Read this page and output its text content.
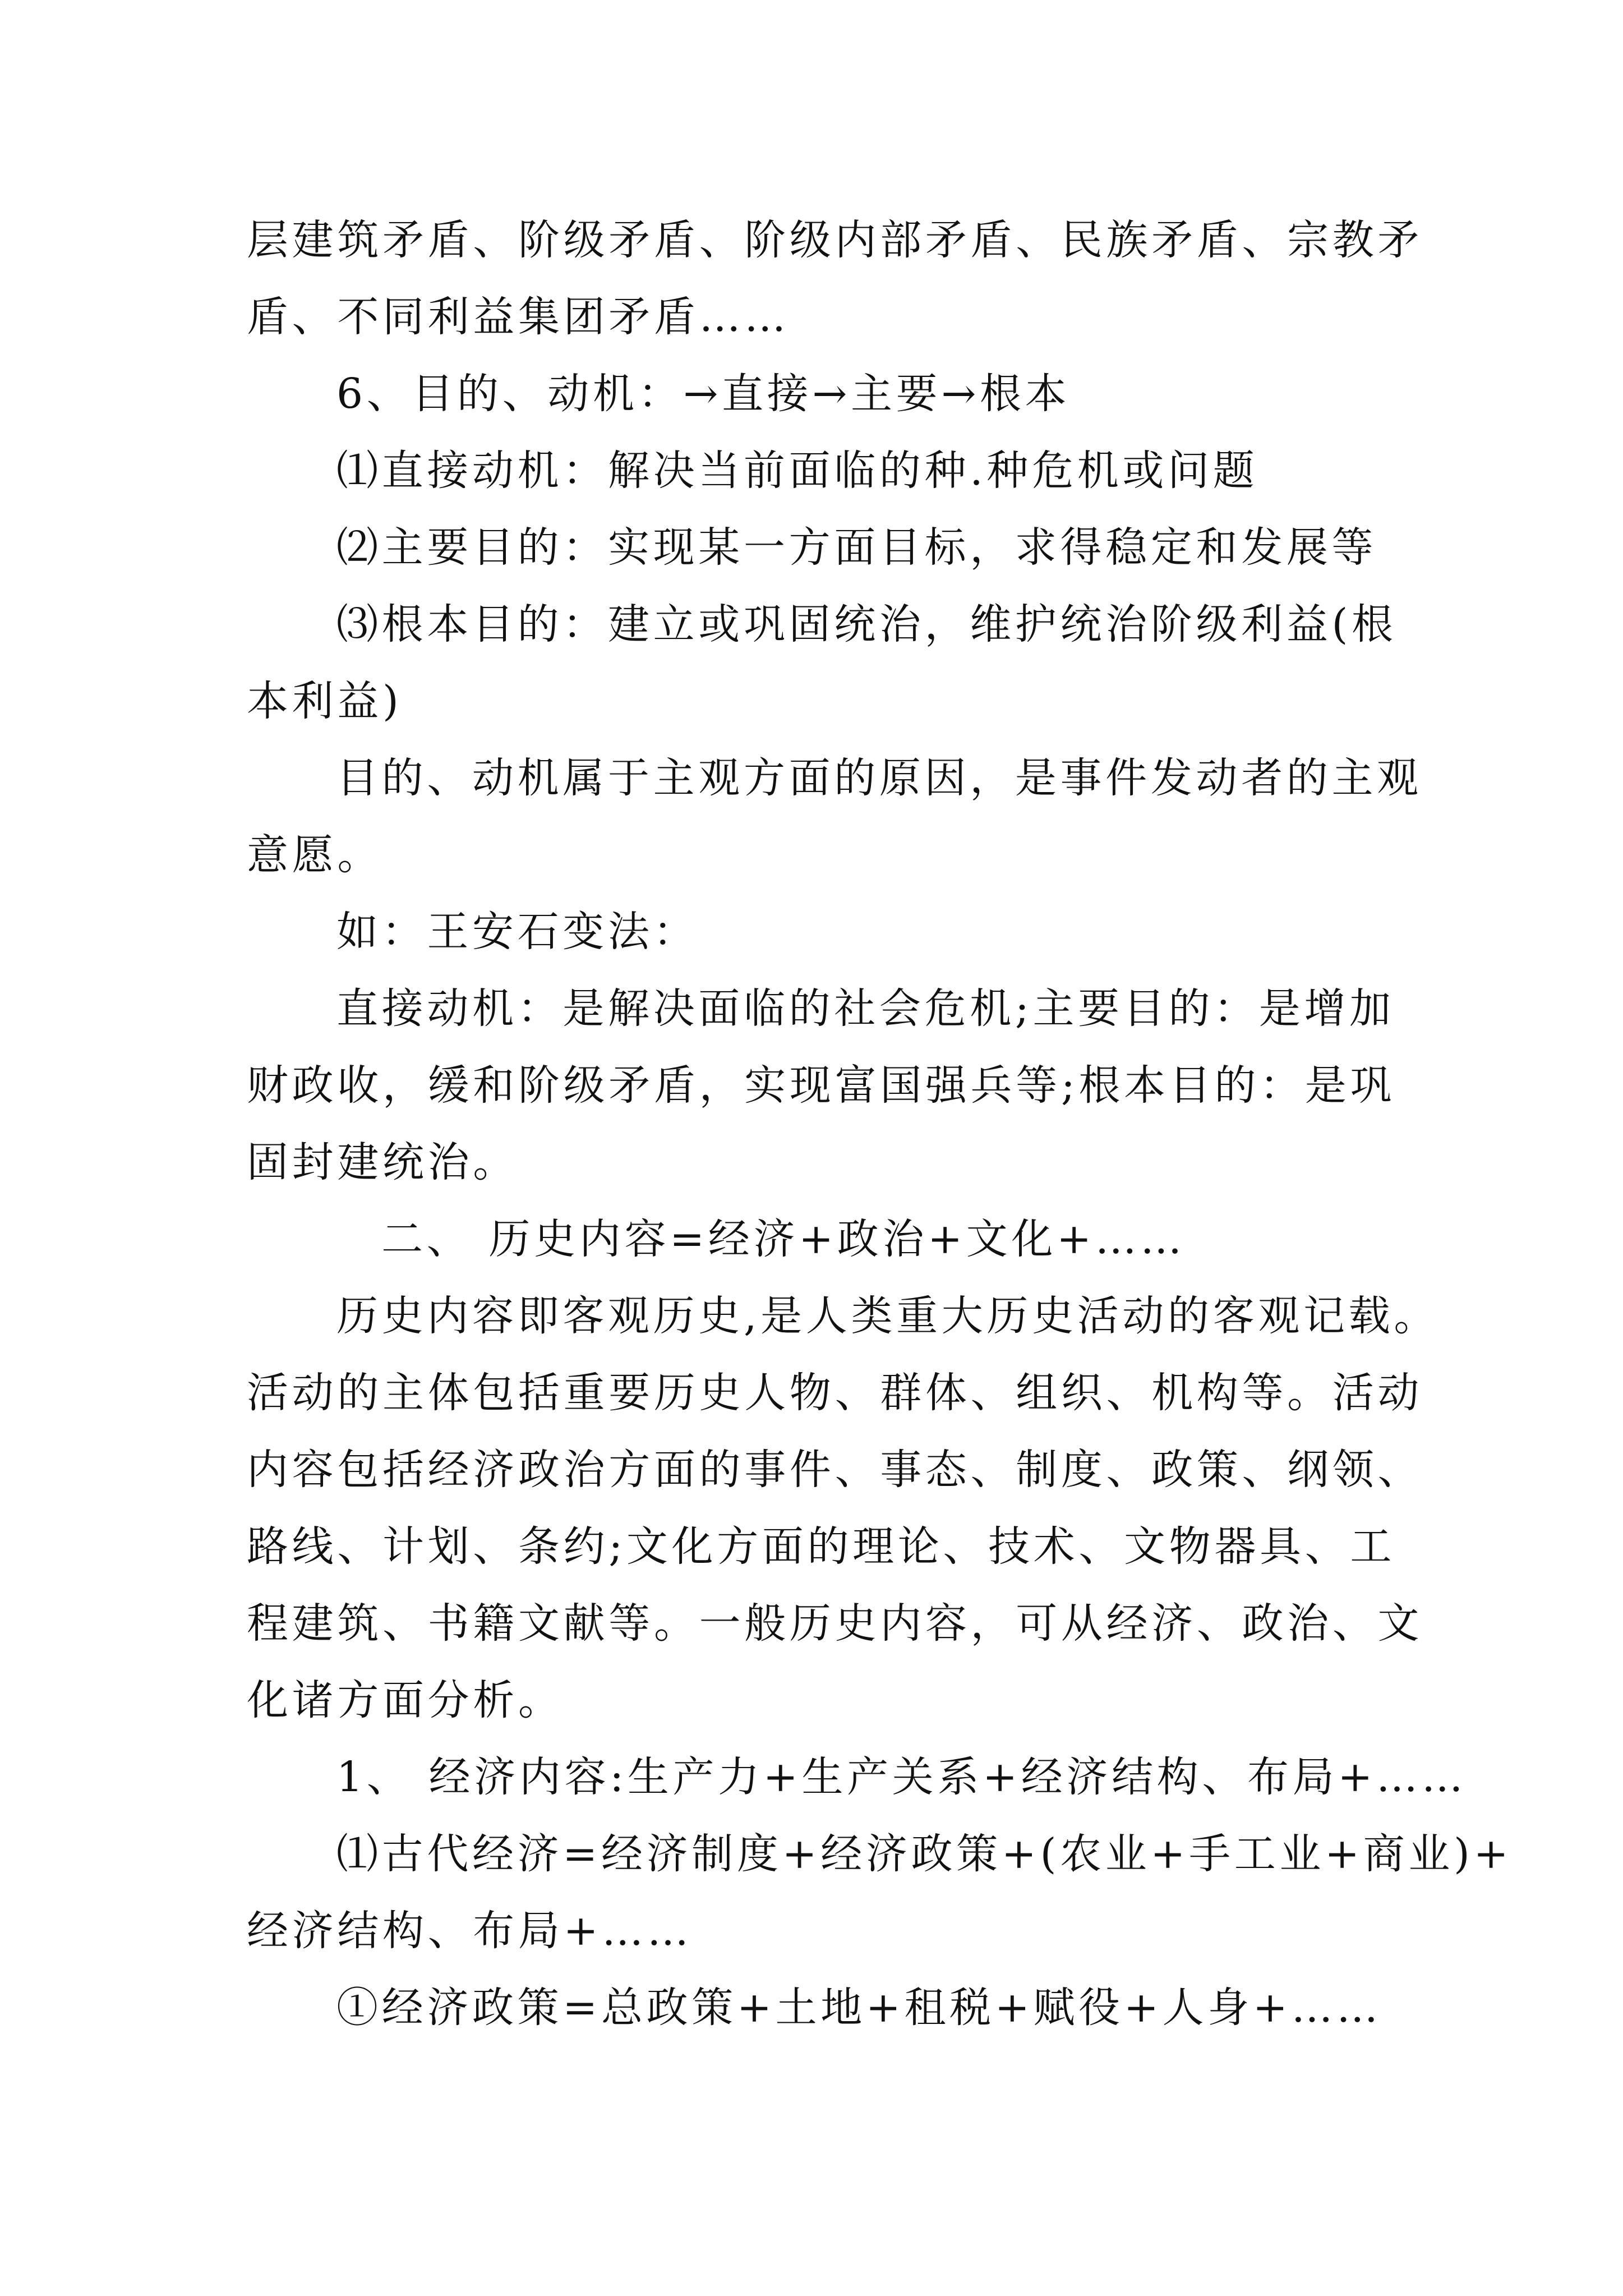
层建筑矛盾、阶级矛盾、阶级内部矛盾、民族矛盾、宗教矛
盾、不同利益集团矛盾……
6、目的、动机：→直接→主要→根本
⑴直接动机：解决当前面临的种.种危机或问题
⑵主要目的：实现某一方面目标，求得稳定和发展等
⑶根本目的：建立或巩固统治，维护统治阶级利益(根
本利益)
目的、动机属于主观方面的原因，是事件发动者的主观
意愿。
如：王安石变法：
直接动机：是解决面临的社会危机;主要目的：是增加
财政收，缓和阶级矛盾，实现富国强兵等;根本目的：是巩
固封建统治。
二、 历史内容=经济+政治+文化+……
历史内容即客观历史,是人类重大历史活动的客观记载。
活动的主体包括重要历史人物、群体、组织、机构等。活动
内容包括经济政治方面的事件、事态、制度、政策、纲领、
路线、计划、条约;文化方面的理论、技术、文物器具、工
程建筑、书籍文献等。一般历史内容，可从经济、政治、文
化诸方面分析。
1、 经济内容:生产力+生产关系+经济结构、布局+……
⑴古代经济=经济制度+经济政策+(农业+手工业+商业)+
经济结构、布局+……
①经济政策=总政策+土地+租税+赋役+人身+……
